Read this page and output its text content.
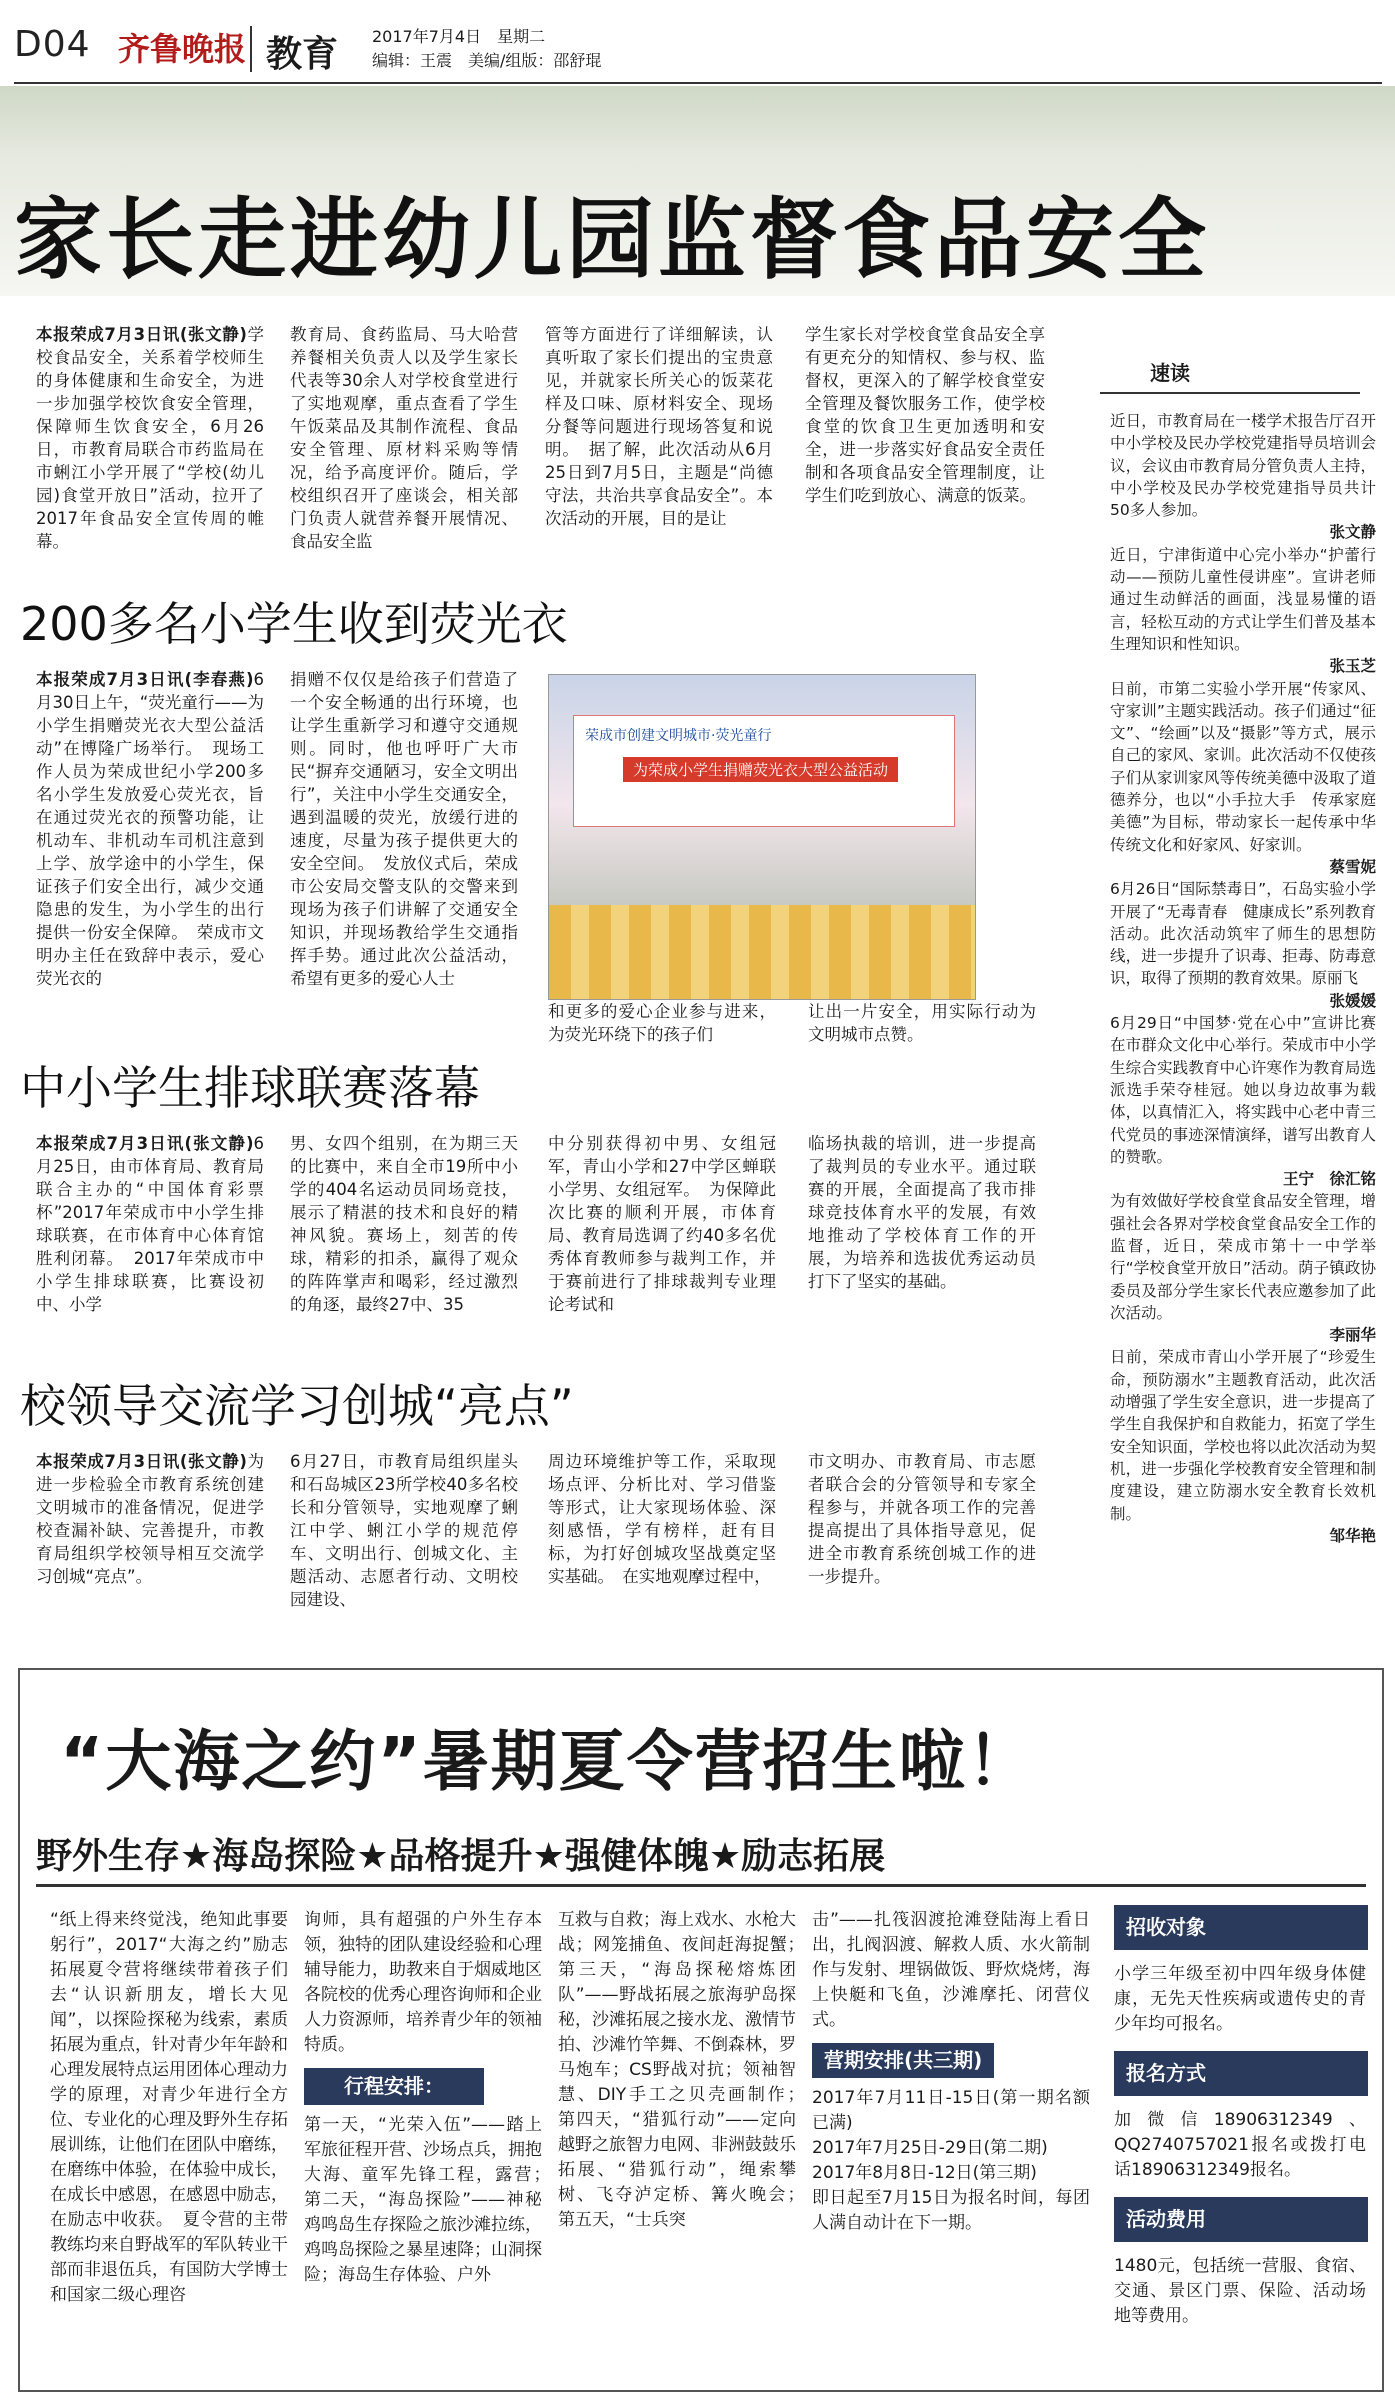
D04 齐鲁晚报 教育 2017年7月4日　星期二
编辑：王震　美编/组版：邵舒琨
家长走进幼儿园监督食品安全
本报荣成7月3日讯(张文静)学校食品安全，关系着学校师生的身体健康和生命安全，为进一步加强学校饮食安全管理，保障师生饮食安全，6月26日，市教育局联合市药监局在市蜊江小学开展了“学校(幼儿园)食堂开放日”活动，拉开了2017年食品安全宣传周的帷幕。
教育局、食药监局、马大哈营养餐相关负责人以及学生家长代表等30余人对学校食堂进行了实地观摩，重点查看了学生午饭菜品及其制作流程、食品安全管理、原材料采购等情况，给予高度评价。随后，学校组织召开了座谈会，相关部门负责人就营养餐开展情况、食品安全监
管等方面进行了详细解读，认真听取了家长们提出的宝贵意见，并就家长所关心的饭菜花样及口味、原材料安全、现场分餐等问题进行现场答复和说明。　据了解，此次活动从6月25日到7月5日，主题是“尚德守法，共治共享食品安全”。本次活动的开展，目的是让
学生家长对学校食堂食品安全享有更充分的知情权、参与权、监督权，更深入的了解学校食堂安全管理及餐饮服务工作，使学校食堂的饮食卫生更加透明和安全，进一步落实好食品安全责任制和各项食品安全管理制度，让学生们吃到放心、满意的饭菜。
200多名小学生收到荧光衣
本报荣成7月3日讯(李春燕)6月30日上午，“荧光童行——为小学生捐赠荧光衣大型公益活动”在博隆广场举行。　现场工作人员为荣成世纪小学200多名小学生发放爱心荧光衣，旨在通过荧光衣的预警功能，让机动车、非机动车司机注意到上学、放学途中的小学生，保证孩子们安全出行，减少交通隐患的发生，为小学生的出行提供一份安全保障。　荣成市文明办主任在致辞中表示，爱心荧光衣的
捐赠不仅仅是给孩子们营造了一个安全畅通的出行环境，也让学生重新学习和遵守交通规则。同时，他也呼吁广大市民“摒弃交通陋习，安全文明出行”，关注中小学生交通安全，遇到温暖的荧光，放缓行进的速度，尽量为孩子提供更大的安全空间。　发放仪式后，荣成市公安局交警支队的交警来到现场为孩子们讲解了交通安全知识，并现场教给学生交通指挥手势。通过此次公益活动，希望有更多的爱心人士
荣成市创建文明城市·荧光童行
为荣成小学生捐赠荧光衣大型公益活动
和更多的爱心企业参与进来，为荧光环绕下的孩子们
让出一片安全，用实际行动为文明城市点赞。
中小学生排球联赛落幕
本报荣成7月3日讯(张文静)6月25日，由市体育局、教育局联合主办的“中国体育彩票杯”2017年荣成市中小学生排球联赛，在市体育中心体育馆胜利闭幕。　2017年荣成市中小学生排球联赛，比赛设初中、小学
男、女四个组别，在为期三天的比赛中，来自全市19所中小学的404名运动员同场竞技，展示了精湛的技术和良好的精神风貌。赛场上，刻苦的传球，精彩的扣杀，赢得了观众的阵阵掌声和喝彩，经过激烈的角逐，最终27中、35
中分别获得初中男、女组冠军，青山小学和27中学区蝉联小学男、女组冠军。　为保障此次比赛的顺利开展，市体育局、教育局选调了约40多名优秀体育教师参与裁判工作，并于赛前进行了排球裁判专业理论考试和
临场执裁的培训，进一步提高了裁判员的专业水平。通过联赛的开展，全面提高了我市排球竞技体育水平的发展，有效地推动了学校体育工作的开展，为培养和选拔优秀运动员打下了坚实的基础。
校领导交流学习创城“亮点”
本报荣成7月3日讯(张文静)为进一步检验全市教育系统创建文明城市的准备情况，促进学校查漏补缺、完善提升，市教育局组织学校领导相互交流学习创城“亮点”。
6月27日，市教育局组织崖头和石岛城区23所学校40多名校长和分管领导，实地观摩了蜊江中学、蜊江小学的规范停车、文明出行、创城文化、主题活动、志愿者行动、文明校园建设、
周边环境维护等工作，采取现场点评、分析比对、学习借鉴等形式，让大家现场体验、深刻感悟，学有榜样，赶有目标，为打好创城攻坚战奠定坚实基础。　在实地观摩过程中，
市文明办、市教育局、市志愿者联合会的分管领导和专家全程参与，并就各项工作的完善提高提出了具体指导意见，促进全市教育系统创城工作的进一步提升。
速读
近日，市教育局在一楼学术报告厅召开中小学校及民办学校党建指导员培训会议，会议由市教育局分管负责人主持，中小学校及民办学校党建指导员共计50多人参加。
张文静
近日，宁津街道中心完小举办“护蕾行动——预防儿童性侵讲座”。宣讲老师通过生动鲜活的画面，浅显易懂的语言，轻松互动的方式让学生们普及基本生理知识和性知识。
张玉芝
日前，市第二实验小学开展“传家风、守家训”主题实践活动。孩子们通过“征文”、“绘画”以及“摄影”等方式，展示自己的家风、家训。此次活动不仅使孩子们从家训家风等传统美德中汲取了道德养分，也以“小手拉大手　传承家庭美德”为目标，带动家长一起传承中华传统文化和好家风、好家训。
蔡雪妮
6月26日“国际禁毒日”，石岛实验小学开展了“无毒青春　健康成长”系列教育活动。此次活动筑牢了师生的思想防线，进一步提升了识毒、拒毒、防毒意识，取得了预期的教育效果。原丽飞
张媛媛
6月29日“中国梦·党在心中”宣讲比赛在市群众文化中心举行。荣成市中小学生综合实践教育中心许寒作为教育局选派选手荣夺桂冠。她以身边故事为载体，以真情汇入，将实践中心老中青三代党员的事迹深情演绎，谱写出教育人的赞歌。
王宁　徐汇铭
为有效做好学校食堂食品安全管理，增强社会各界对学校食堂食品安全工作的监督，近日，荣成市第十一中学举行“学校食堂开放日”活动。荫子镇政协委员及部分学生家长代表应邀参加了此次活动。
李丽华
日前，荣成市青山小学开展了“珍爱生命，预防溺水”主题教育活动，此次活动增强了学生安全意识，进一步提高了学生自我保护和自救能力，拓宽了学生安全知识面，学校也将以此次活动为契机，进一步强化学校教育安全管理和制度建设，建立防溺水安全教育长效机制。
邹华艳
“大海之约”暑期夏令营招生啦！
野外生存★海岛探险★品格提升★强健体魄★励志拓展
“纸上得来终觉浅，绝知此事要躬行”，2017“大海之约”励志拓展夏令营将继续带着孩子们去“认识新朋友，增长大见闻”，以探险探秘为线索，素质拓展为重点，针对青少年年龄和心理发展特点运用团体心理动力学的原理，对青少年进行全方位、专业化的心理及野外生存拓展训练，让他们在团队中磨练，在磨练中体验，在体验中成长，在成长中感恩，在感恩中励志，在励志中收获。　夏令营的主带教练均来自野战军的军队转业干部而非退伍兵，有国防大学博士和国家二级心理咨
询师，具有超强的户外生存本领，独特的团队建设经验和心理辅导能力，助教来自于烟威地区各院校的优秀心理咨询师和企业人力资源师，培养青少年的领袖特质。
行程安排：
第一天，“光荣入伍”——踏上军旅征程开营、沙场点兵，拥抱大海、童军先锋工程，露营；　第二天，“海岛探险”——神秘鸡鸣岛生存探险之旅沙滩拉练，鸡鸣岛探险之暴星速降；山洞探险；海岛生存体验、户外
互救与自救；海上戏水、水枪大战；网笼捕鱼、夜间赶海捉蟹；　第三天，“海岛探秘熔炼团队”——野战拓展之旅海驴岛探秘，沙滩拓展之接水龙、激情节拍、沙滩竹竿舞、不倒森林，罗马炮车；CS野战对抗；领袖智慧、DIY手工之贝壳画制作；　第四天，“猎狐行动”——定向越野之旅智力电网、非洲鼓鼓乐拓展、“猎狐行动”，绳索攀树、飞夺泸定桥、篝火晚会；　第五天，“士兵突
击”——扎筏泅渡抢滩登陆海上看日出，扎阀泅渡、解救人质、水火箭制作与发射、埋锅做饭、野炊烧烤，海上快艇和飞鱼，沙滩摩托、闭营仪式。
营期安排(共三期)
2017年7月11日-15日(第一期名额已满)
2017年7月25日-29日(第二期)
2017年8月8日-12日(第三期)
即日起至7月15日为报名时间，每团人满自动计在下一期。
招收对象
小学三年级至初中四年级身体健康，无先天性疾病或遗传史的青少年均可报名。
报名方式
加微信18906312349、QQ2740757021报名或拨打电话18906312349报名。
活动费用
1480元，包括统一营服、食宿、交通、景区门票、保险、活动场地等费用。
